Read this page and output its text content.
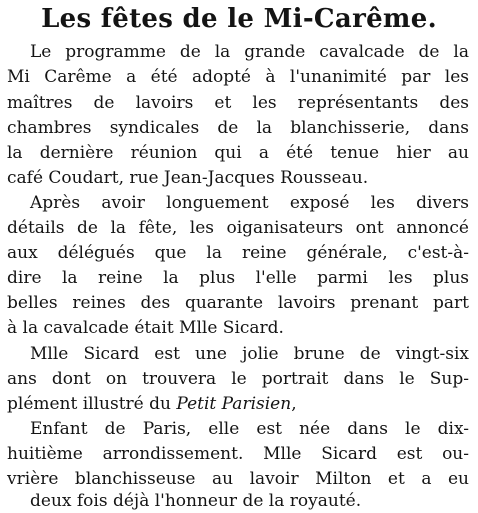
Les fêtes de le Mi-Carême.
Le programme de la grande cavalcade de la
Mi Carême a été adopté à l'unanimité par les
maîtres de lavoirs et les représentants des
chambres syndicales de la blanchisserie, dans
la dernière réunion qui a été tenue hier au
café Coudart, rue Jean-Jacques Rousseau.
Après avoir longuement exposé les divers
détails de la fête, les oiganisateurs ont annoncé
aux délégués que la reine générale, c'est-à-
dire la reine la plus l'elle parmi les plus
belles reines des quarante lavoirs prenant part
à la cavalcade était Mlle Sicard.
Mlle Sicard est une jolie brune de vingt-six
ans dont on trouvera le portrait dans le Sup-
plément illustré du Petit Parisien,
Enfant de Paris, elle est née dans le dix-
huitième arrondissement. Mlle Sicard est ou-
vrière blanchisseuse au lavoir Milton et a eu
deux fois déjà l'honneur de la royauté.
